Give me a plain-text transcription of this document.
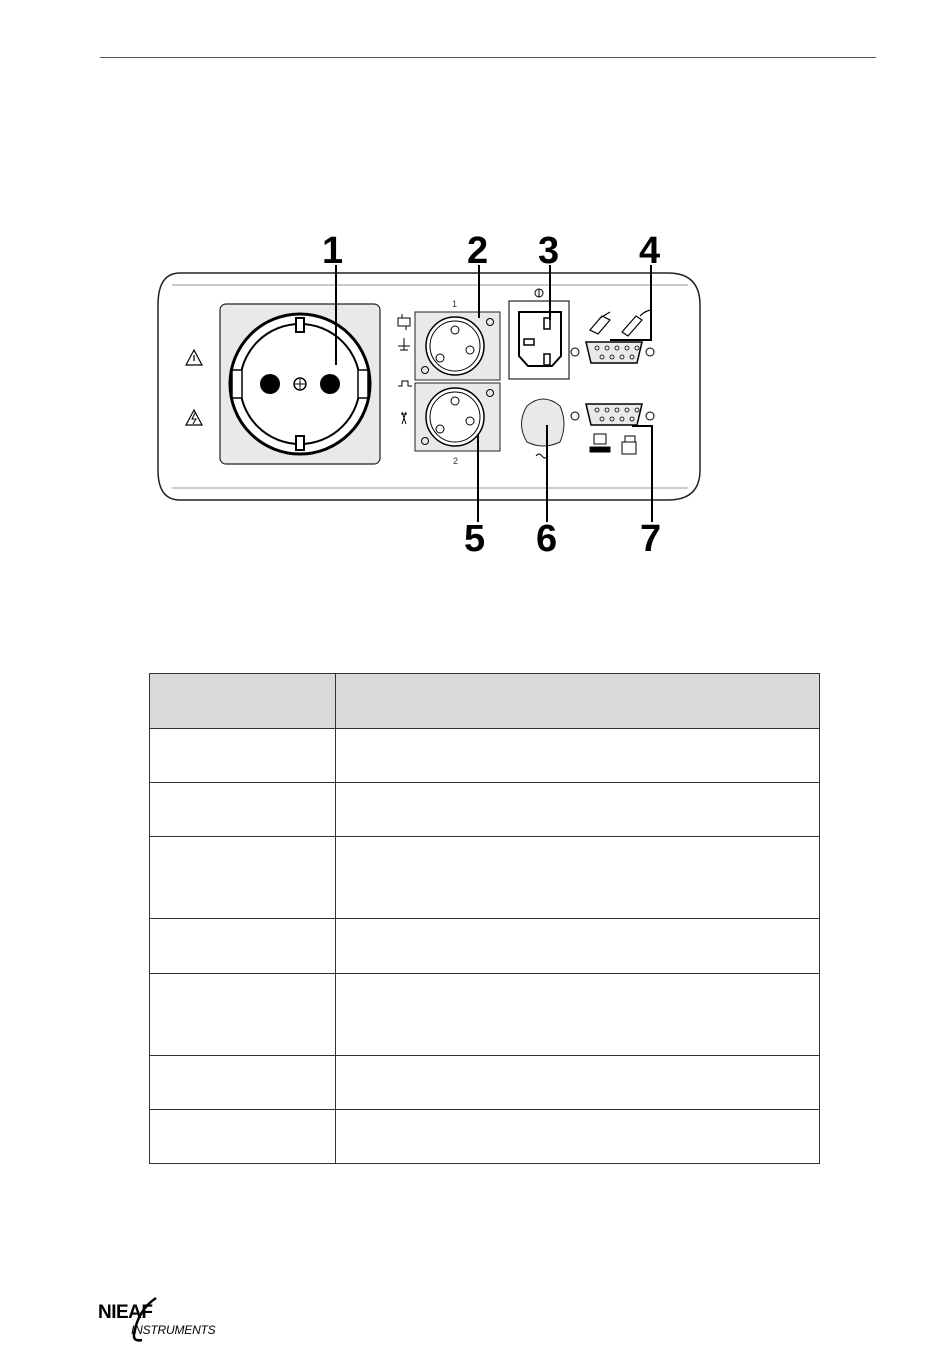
1
2
1	2 3 4
5 6 7

NIEAF
INSTRUMENTS
